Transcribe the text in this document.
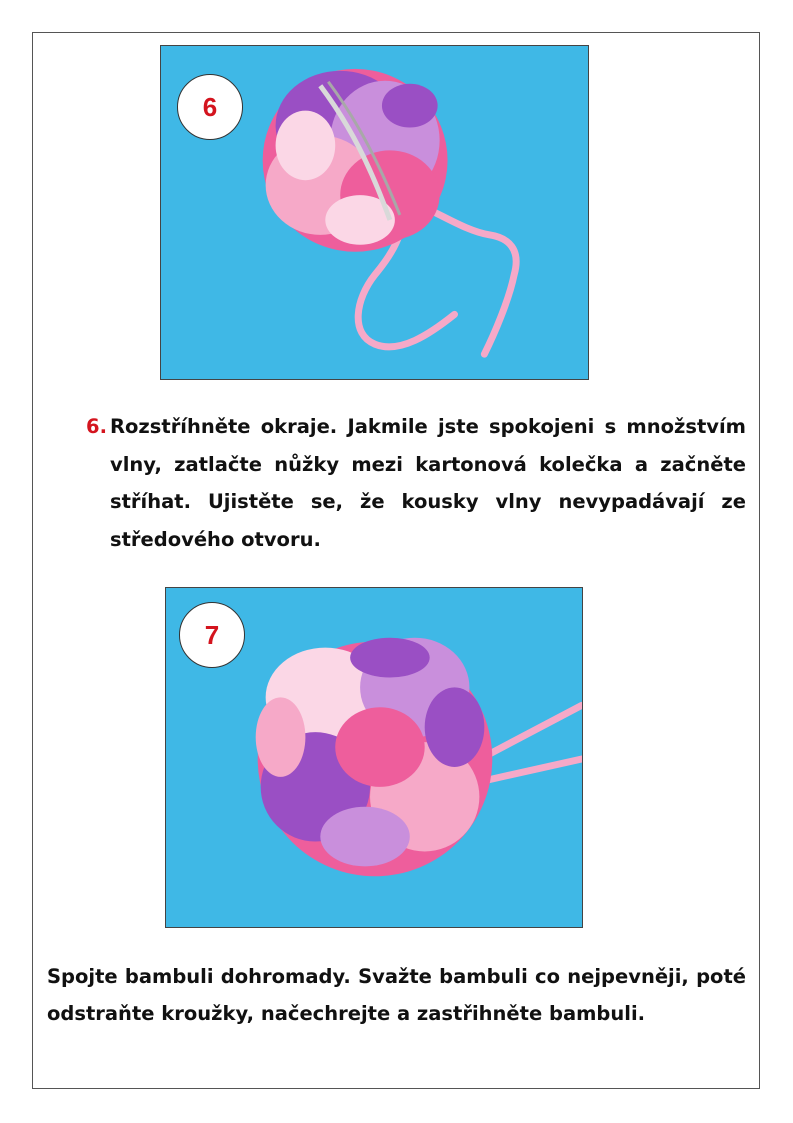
6
6. Rozstříhněte okraje. Jakmile jste spokojeni s množstvím vlny, zatlačte nůžky mezi kartonová kolečka a začněte stříhat. Ujistěte se, že kousky vlny nevypadávají ze středového otvoru.
7
Spojte bambuli dohromady. Svažte bambuli co nejpevněji, poté odstraňte kroužky, načechrejte a zastřihněte bambuli.
